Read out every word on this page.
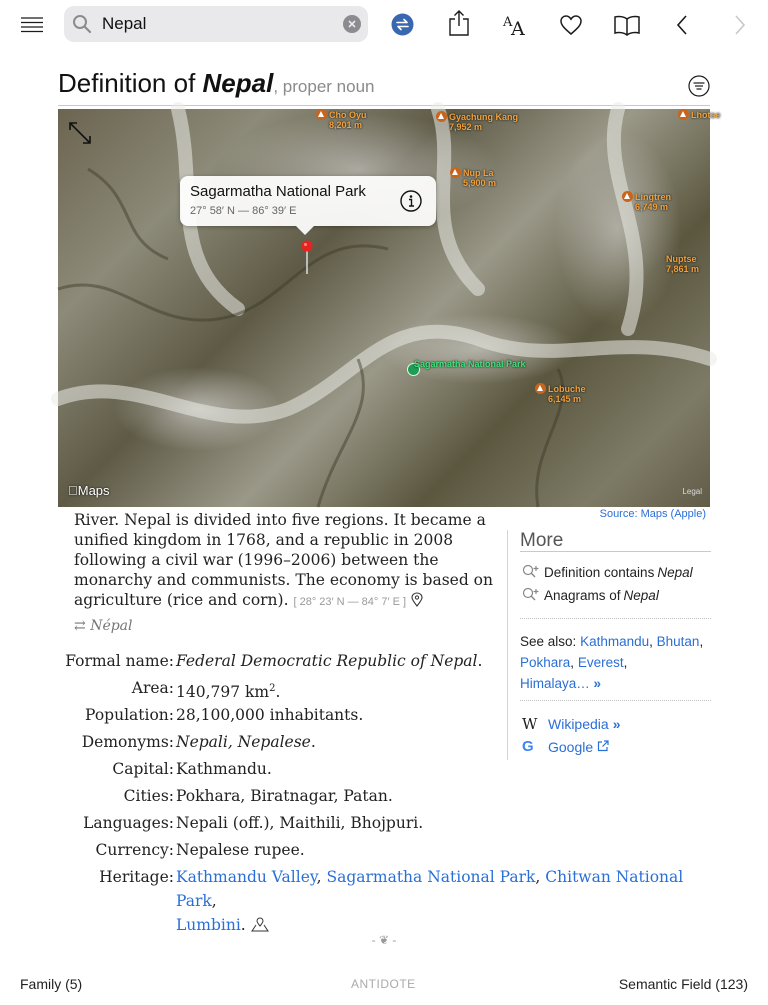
Nepal
A
A
Definition of Nepal, proper noun
Cho Oyu
8,201 m
Gyachung Kang
7,952 m
Nup La
5,900 m
Lingtren
6,749 m
Nuptse
7,861 m
Lhotse
Lobuche
6,145 m
Sagarmatha National Park
Sagarmatha National Park
27° 58′ N — 86° 39′ E
Maps	Legal
Source: Maps (Apple)
River. Nepal is divided into five regions. It became a
unified kingdom in 1768, and a republic in 2008 following a civil war (1996–2006) between the monarchy and communists. The economy is based on agriculture (rice and corn). [ 28° 23′ N — 84° 7′ E ]
⇄ Népal
Formal name: Federal Democratic Republic of Nepal.
Area: 140,797 $km^2$.
Population: 28,100,000 inhabitants.
Demonyms: Nepali, Nepalese.
Capital: Kathmandu.
Cities: Pokhara, Biratnagar, Patan.
Languages: Nepali (off.), Maithili, Bhojpuri.
Currency: Nepalese rupee.
Heritage: Kathmandu Valley, Sagarmatha National Park, Chitwan National Park,
Lumbini.
More
Definition contains Nepal
Anagrams of Nepal
See also: Kathmandu, Bhutan,
Pokhara, Everest,
Himalaya… »
W Wikipedia »
G Google
- ❦ -
Family (5)	ANTIDOTE	Semantic Field (123)
